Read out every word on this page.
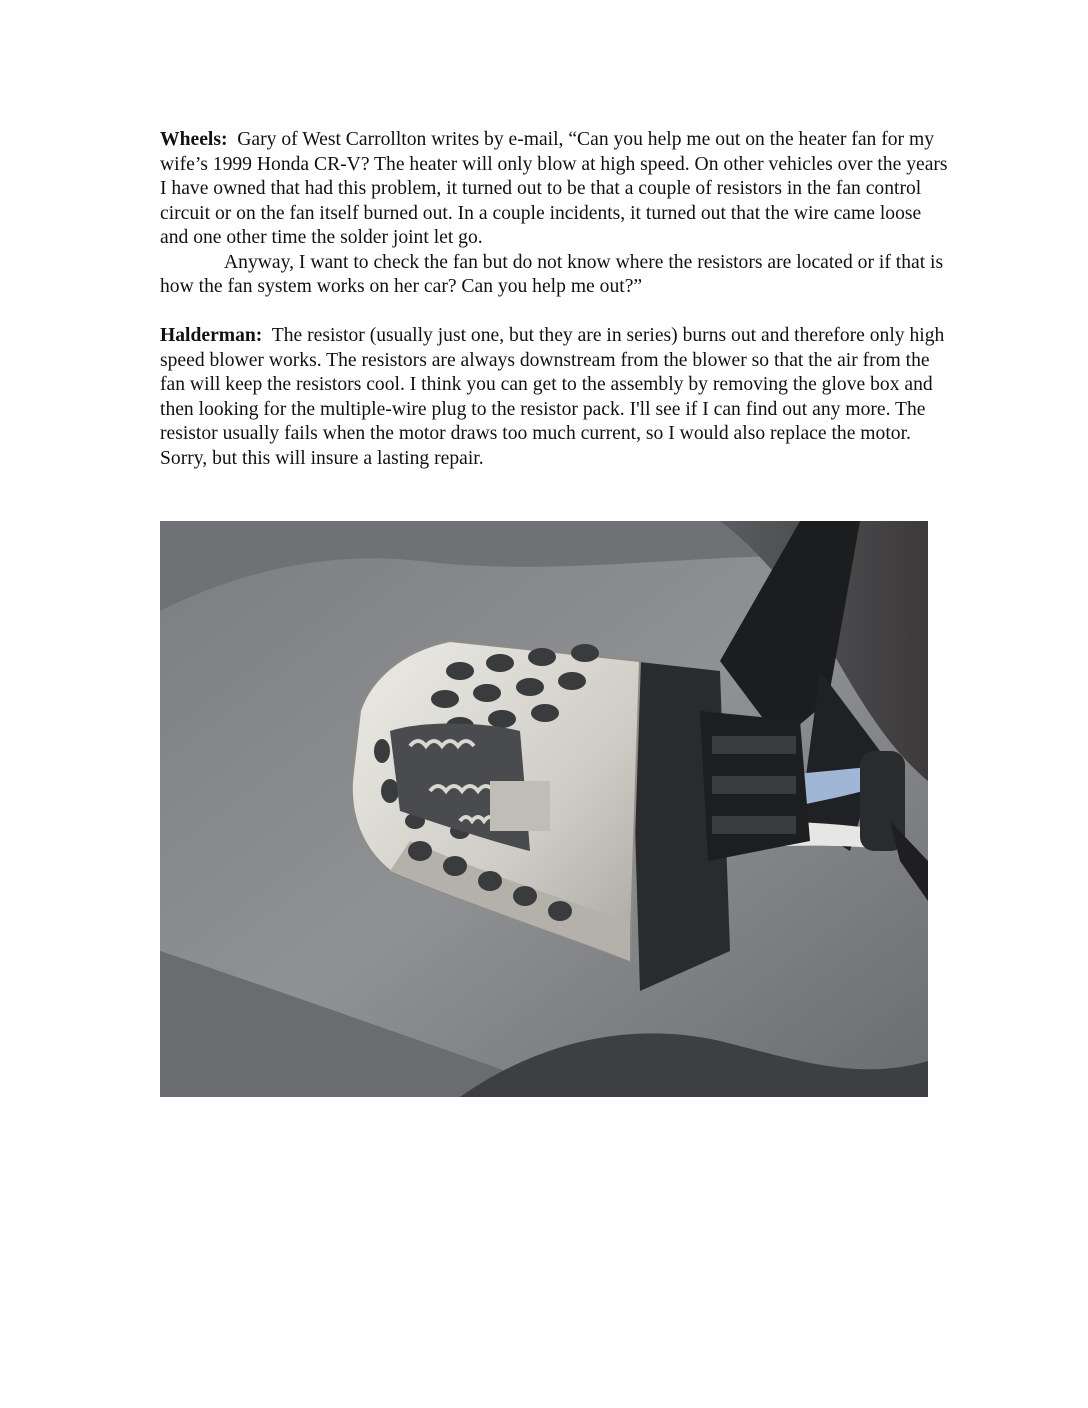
Wheels: Gary of West Carrollton writes by e-mail, “Can you help me out on the heater fan for my wife’s 1999 Honda CR-V? The heater will only blow at high speed. On other vehicles over the years I have owned that had this problem, it turned out to be that a couple of resistors in the fan control circuit or on the fan itself burned out. In a couple incidents, it turned out that the wire came loose and one other time the solder joint let go.

Anyway, I want to check the fan but do not know where the resistors are located or if that is how the fan system works on her car? Can you help me out?”

Halderman: The resistor (usually just one, but they are in series) burns out and therefore only high speed blower works. The resistors are always downstream from the blower so that the air from the fan will keep the resistors cool. I think you can get to the assembly by removing the glove box and then looking for the multiple-wire plug to the resistor pack. I'll see if I can find out any more. The resistor usually fails when the motor draws too much current, so I would also replace the motor. Sorry, but this will insure a lasting repair.
